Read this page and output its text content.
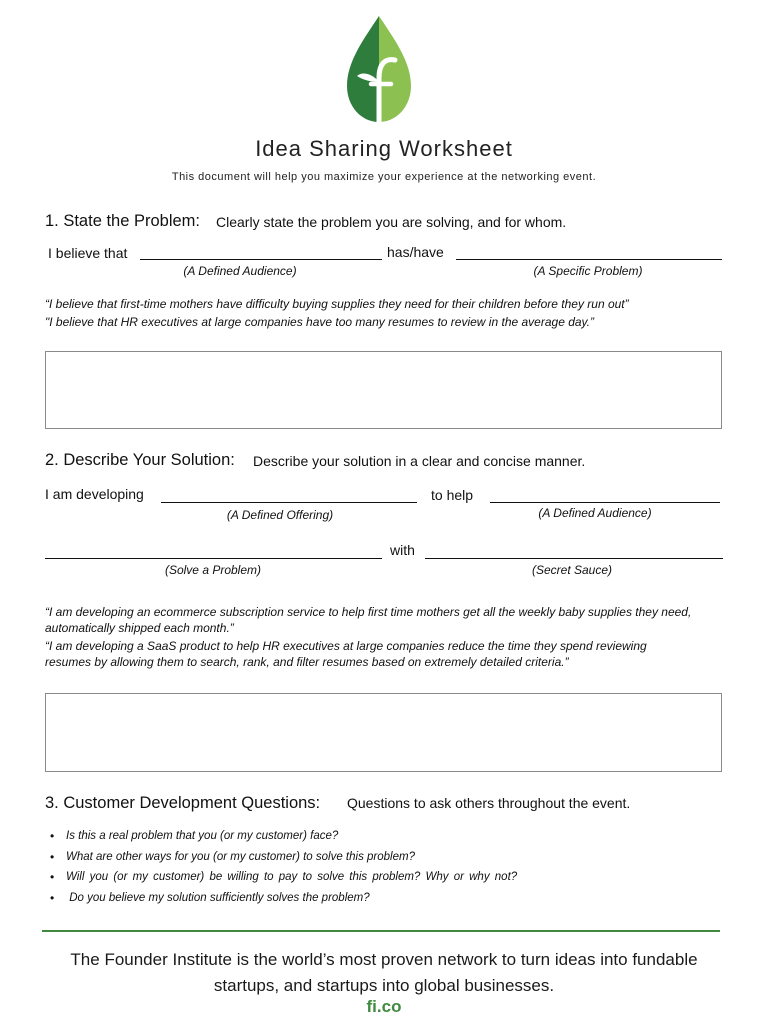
Idea Sharing Worksheet
This document will help you maximize your experience at the networking event.
1. State the Problem: Clearly state the problem you are solving, and for whom.
I believe that	has/have
(A Defined Audience)	(A Specific Problem)
“I believe that first-time mothers have difficulty buying supplies they need for their children before they run out”
"I believe that HR executives at large companies have too many resumes to review in the average day.”
2. Describe Your Solution: Describe your solution in a clear and concise manner.
I am developing	to help
(A Defined Offering)	(A Defined Audience)
with
(Solve a Problem)	(Secret Sauce)
“I am developing an ecommerce subscription service to help first time mothers get all the weekly baby supplies they need, automatically shipped each month.”
“I am developing a SaaS product to help HR executives at large companies reduce the time they spend reviewing resumes by allowing them to search, rank, and filter resumes based on extremely detailed criteria.”
3. Customer Development Questions: Questions to ask others throughout the event.
• Is this a real problem that you (or my customer) face?
• What are other ways for you (or my customer) to solve this problem?
• Will you (or my customer) be willing to pay to solve this problem? Why or why not?
•  Do you believe my solution sufficiently solves the problem?
The Founder Institute is the world’s most proven network to turn ideas into fundable startups, and startups into global businesses.
fi.co
